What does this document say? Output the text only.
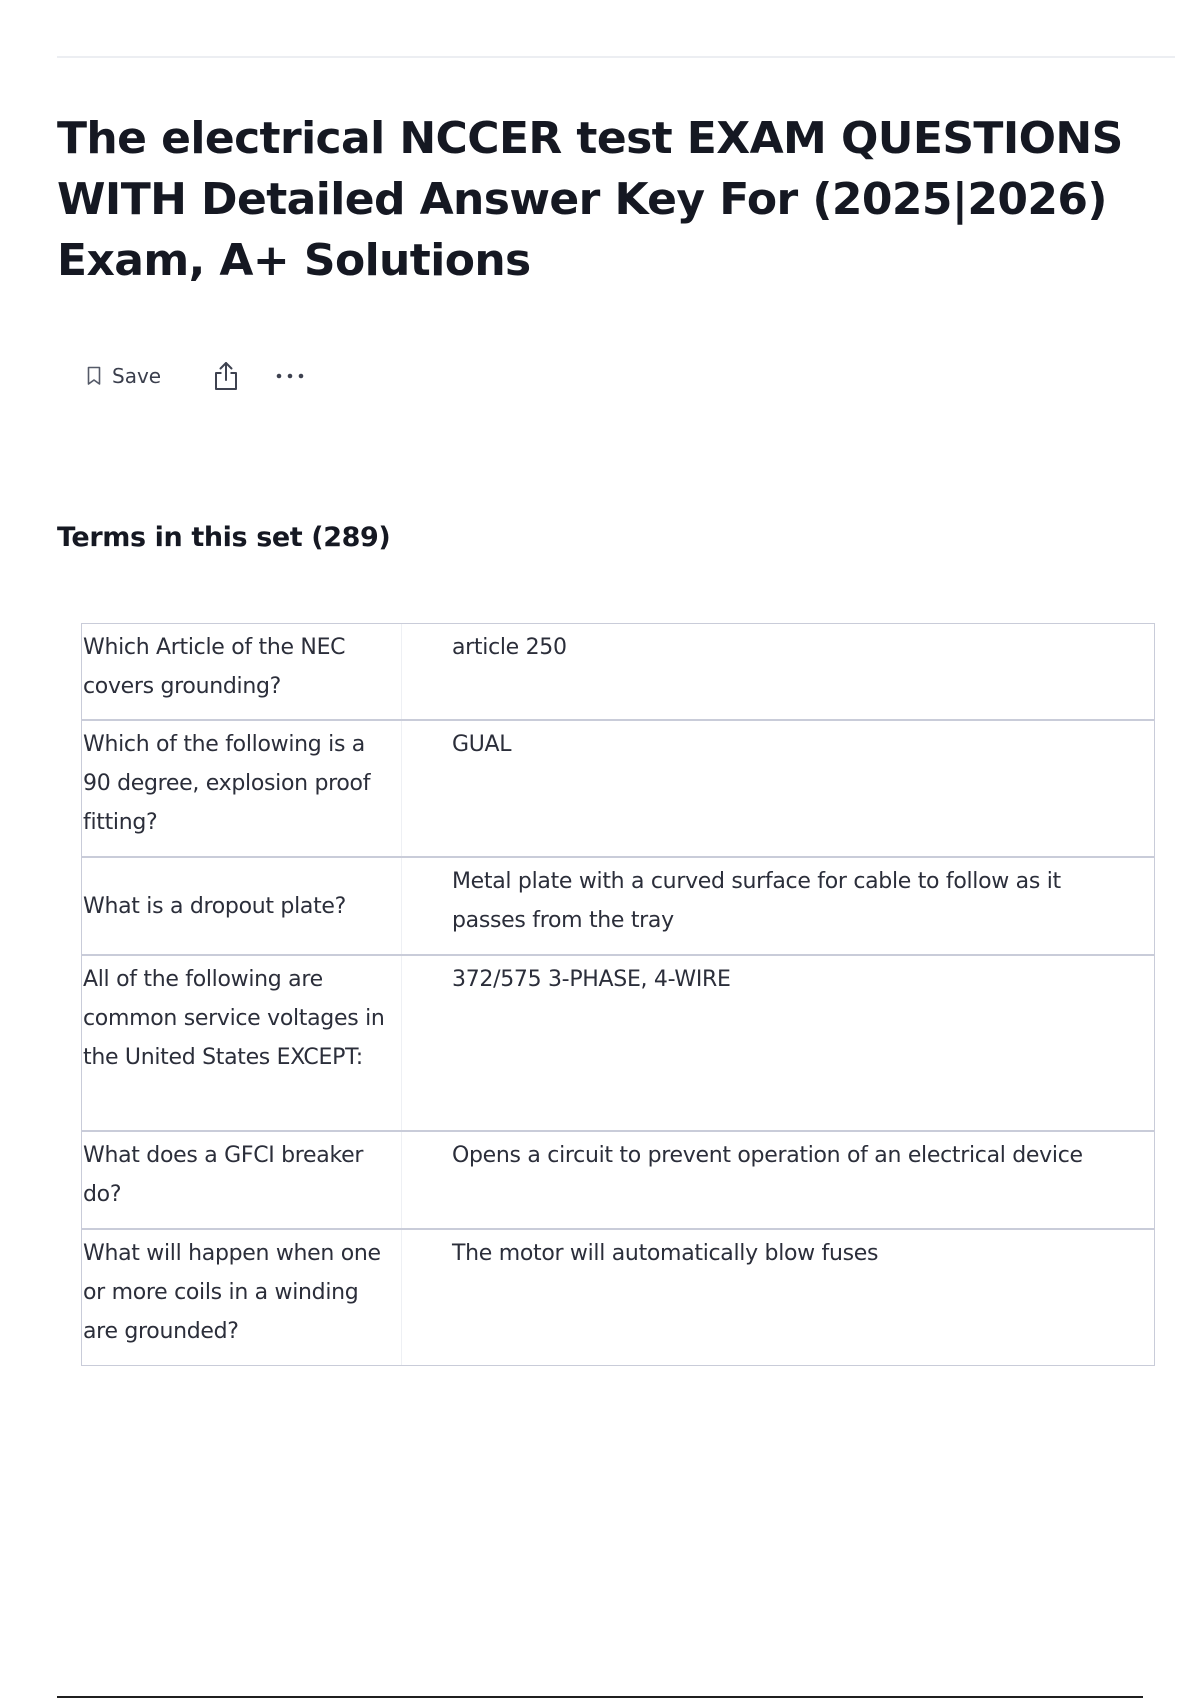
The electrical NCCER test EXAM QUESTIONS WITH Detailed Answer Key For (2025|2026) Exam, A+ Solutions
Save
Terms in this set (289)
Which Article of the NEC covers grounding?
article 250
Which of the following is a 90 degree, explosion proof fitting?
GUAL
What is a dropout plate?
Metal plate with a curved surface for cable to follow as it passes from the tray
All of the following are common service voltages in the United States EXCEPT:
372/575 3-PHASE, 4-WIRE
What does a GFCI breaker do?
Opens a circuit to prevent operation of an electrical device
What will happen when one or more coils in a winding are grounded?
The motor will automatically blow fuses
